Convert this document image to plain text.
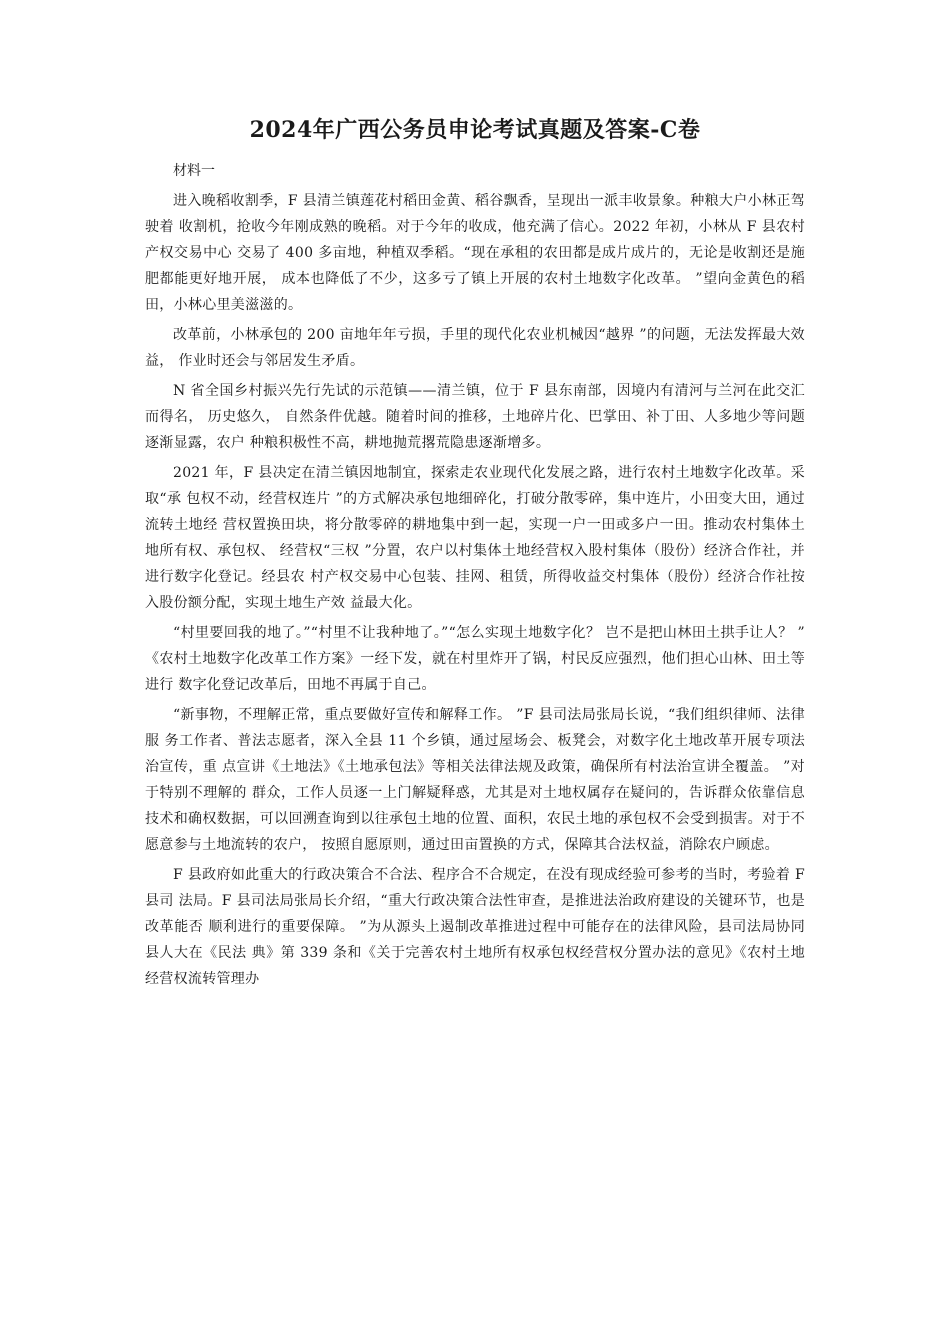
2024年广西公务员申论考试真题及答案-C卷

材料一

进入晚稻收割季，F 县清兰镇莲花村稻田金黄、稻谷飘香，呈现出一派丰收景象。种粮大户小林正驾驶着 收割机，抢收今年刚成熟的晚稻。对于今年的收成，他充满了信心。2022 年初，小林从 F 县农村产权交易中心 交易了 400 多亩地，种植双季稻。“现在承租的农田都是成片成片的，无论是收割还是施肥都能更好地开展， 成本也降低了不少，这多亏了镇上开展的农村土地数字化改革。 ”望向金黄色的稻田，小林心里美滋滋的。

改革前，小林承包的 200 亩地年年亏损，手里的现代化农业机械因“越界 ”的问题，无法发挥最大效益， 作业时还会与邻居发生矛盾。

N 省全国乡村振兴先行先试的示范镇——清兰镇，位于 F 县东南部，因境内有清河与兰河在此交汇而得名， 历史悠久， 自然条件优越。随着时间的推移，土地碎片化、巴掌田、补丁田、人多地少等问题逐渐显露，农户 种粮积极性不高，耕地抛荒撂荒隐患逐渐增多。

2021 年，F 县决定在清兰镇因地制宜，探索走农业现代化发展之路，进行农村土地数字化改革。采取“承 包权不动，经营权连片 ”的方式解决承包地细碎化，打破分散零碎，集中连片，小田变大田，通过流转土地经 营权置换田块，将分散零碎的耕地集中到一起，实现一户一田或多户一田。推动农村集体土地所有权、承包权、 经营权“三权 ”分置，农户以村集体土地经营权入股村集体（股份）经济合作社，并进行数字化登记。经县农 村产权交易中心包装、挂网、租赁，所得收益交村集体（股份）经济合作社按入股份额分配，实现土地生产效 益最大化。

“村里要回我的地了。”“村里不让我种地了。”“怎么实现土地数字化？ 岂不是把山林田土拱手让人？ ” 《农村土地数字化改革工作方案》一经下发，就在村里炸开了锅，村民反应强烈，他们担心山林、田土等进行 数字化登记改革后，田地不再属于自己。

“新事物，不理解正常，重点要做好宣传和解释工作。 ”F 县司法局张局长说，“我们组织律师、法律服 务工作者、普法志愿者，深入全县 11 个乡镇，通过屋场会、板凳会，对数字化土地改革开展专项法治宣传，重 点宣讲《土地法》《土地承包法》等相关法律法规及政策，确保所有村法治宣讲全覆盖。 ”对于特别不理解的 群众，工作人员逐一上门解疑释惑，尤其是对土地权属存在疑问的，告诉群众依靠信息技术和确权数据，可以回溯查询到以往承包土地的位置、面积，农民土地的承包权不会受到损害。对于不愿意参与土地流转的农户， 按照自愿原则，通过田亩置换的方式，保障其合法权益，消除农户顾虑。

F 县政府如此重大的行政决策合不合法、程序合不合规定，在没有现成经验可参考的当时，考验着 F 县司 法局。F 县司法局张局长介绍，“重大行政决策合法性审查，是推进法治政府建设的关键环节，也是改革能否 顺利进行的重要保障。 ”为从源头上遏制改革推进过程中可能存在的法律风险，县司法局协同县人大在《民法 典》第 339 条和《关于完善农村土地所有权承包权经营权分置办法的意见》《农村土地经营权流转管理办
